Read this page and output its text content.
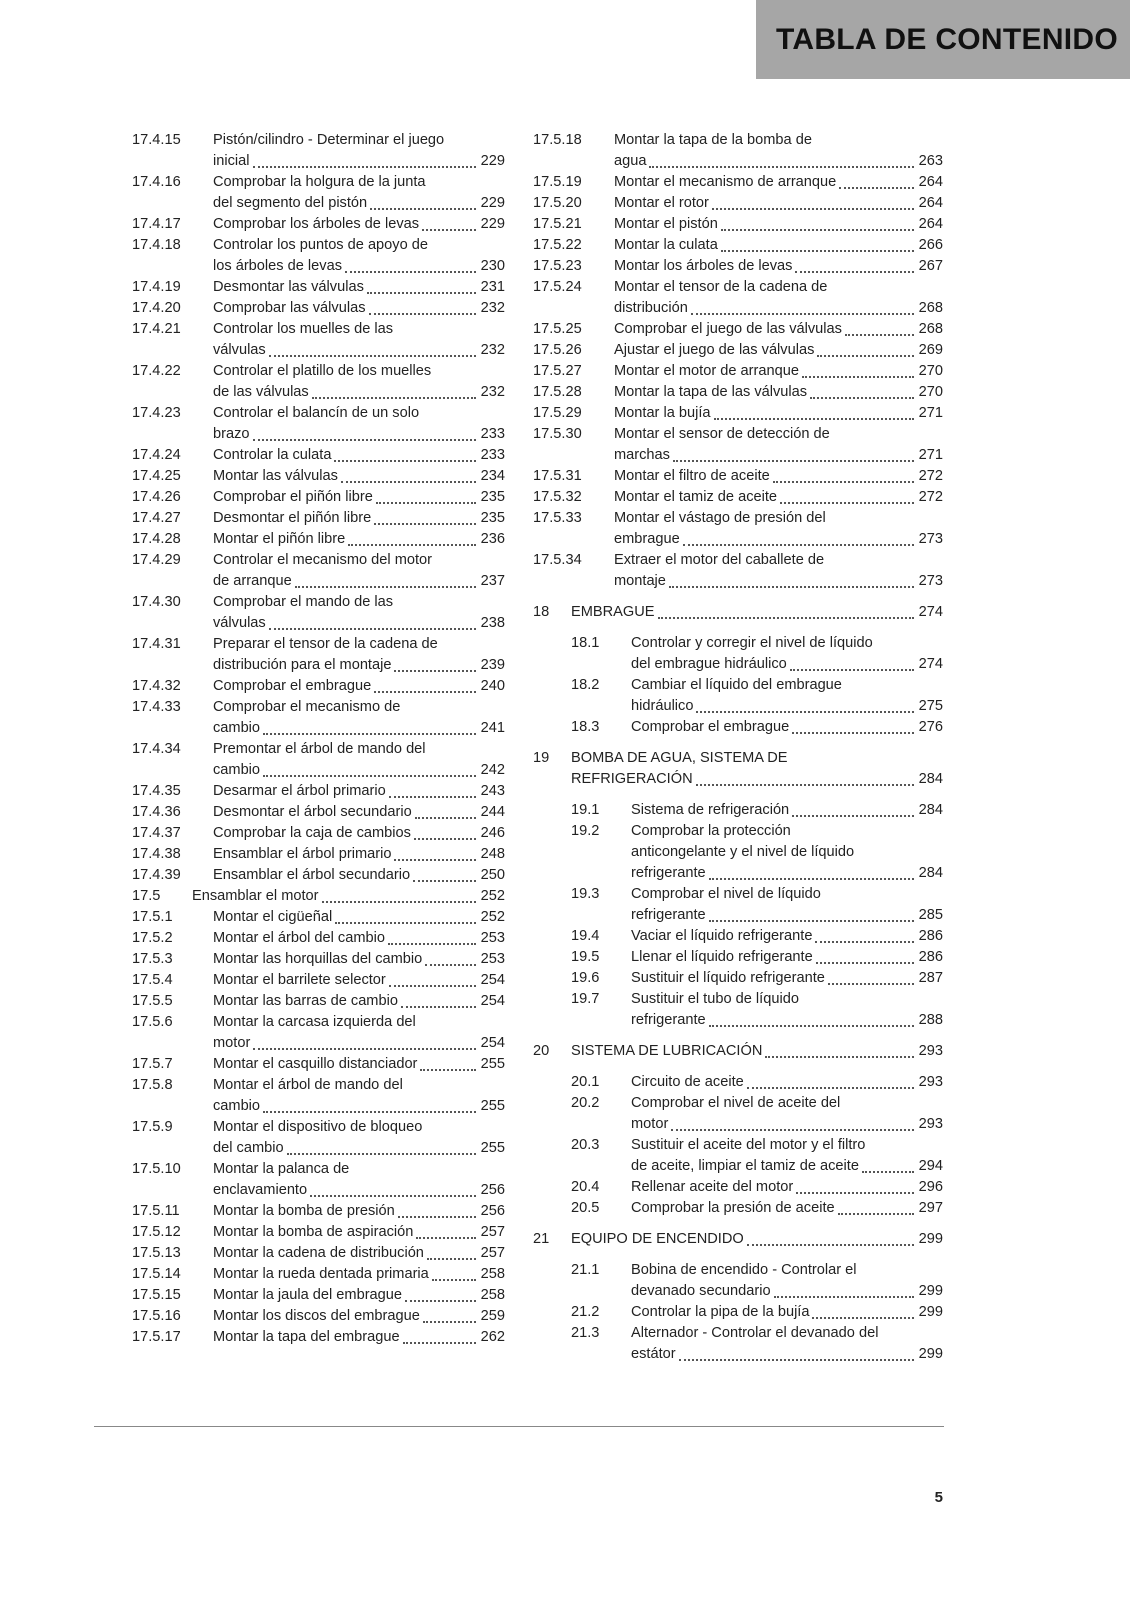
TABLA DE CONTENIDO
17.4.15	Pistón/cilindro - Determinar el juego
inicial	229
17.4.16	Comprobar la holgura de la junta
del segmento del pistón	229
17.4.17	Comprobar los árboles de levas	229
17.4.18	Controlar los puntos de apoyo de
los árboles de levas	230
17.4.19	Desmontar las válvulas	231
17.4.20	Comprobar las válvulas	232
17.4.21	Controlar los muelles de las
válvulas	232
17.4.22	Controlar el platillo de los muelles
de las válvulas	232
17.4.23	Controlar el balancín de un solo
brazo	233
17.4.24	Controlar la culata	233
17.4.25	Montar las válvulas	234
17.4.26	Comprobar el piñón libre	235
17.4.27	Desmontar el piñón libre	235
17.4.28	Montar el piñón libre	236
17.4.29	Controlar el mecanismo del motor
de arranque	237
17.4.30	Comprobar el mando de las
válvulas	238
17.4.31	Preparar el tensor de la cadena de
distribución para el montaje	239
17.4.32	Comprobar el embrague	240
17.4.33	Comprobar el mecanismo de
cambio	241
17.4.34	Premontar el árbol de mando del
cambio	242
17.4.35	Desarmar el árbol primario	243
17.4.36	Desmontar el árbol secundario	244
17.4.37	Comprobar la caja de cambios	246
17.4.38	Ensamblar el árbol primario	248
17.4.39	Ensamblar el árbol secundario	250
17.5	Ensamblar el motor	252
17.5.1	Montar el cigüeñal	252
17.5.2	Montar el árbol del cambio	253
17.5.3	Montar las horquillas del cambio	253
17.5.4	Montar el barrilete selector	254
17.5.5	Montar las barras de cambio	254
17.5.6	Montar la carcasa izquierda del
motor	254
17.5.7	Montar el casquillo distanciador	255
17.5.8	Montar el árbol de mando del
cambio	255
17.5.9	Montar el dispositivo de bloqueo
del cambio	255
17.5.10	Montar la palanca de
enclavamiento	256
17.5.11	Montar la bomba de presión	256
17.5.12	Montar la bomba de aspiración	257
17.5.13	Montar la cadena de distribución	257
17.5.14	Montar la rueda dentada primaria	258
17.5.15	Montar la jaula del embrague	258
17.5.16	Montar los discos del embrague	259
17.5.17	Montar la tapa del embrague	262
17.5.18	Montar la tapa de la bomba de
agua	263
17.5.19	Montar el mecanismo de arranque	264
17.5.20	Montar el rotor	264
17.5.21	Montar el pistón	264
17.5.22	Montar la culata	266
17.5.23	Montar los árboles de levas	267
17.5.24	Montar el tensor de la cadena de
distribución	268
17.5.25	Comprobar el juego de las válvulas	268
17.5.26	Ajustar el juego de las válvulas	269
17.5.27	Montar el motor de arranque	270
17.5.28	Montar la tapa de las válvulas	270
17.5.29	Montar la bujía	271
17.5.30	Montar el sensor de detección de
marchas	271
17.5.31	Montar el filtro de aceite	272
17.5.32	Montar el tamiz de aceite	272
17.5.33	Montar el vástago de presión del
embrague	273
17.5.34	Extraer el motor del caballete de
montaje	273
18	EMBRAGUE	274
18.1	Controlar y corregir el nivel de líquido
del embrague hidráulico	274
18.2	Cambiar el líquido del embrague
hidráulico	275
18.3	Comprobar el embrague	276
19	BOMBA DE AGUA, SISTEMA DE
REFRIGERACIÓN	284
19.1	Sistema de refrigeración	284
19.2	Comprobar la protección
anticongelante y el nivel de líquido
refrigerante	284
19.3	Comprobar el nivel de líquido
refrigerante	285
19.4	Vaciar el líquido refrigerante	286
19.5	Llenar el líquido refrigerante	286
19.6	Sustituir el líquido refrigerante	287
19.7	Sustituir el tubo de líquido
refrigerante	288
20	SISTEMA DE LUBRICACIÓN	293
20.1	Circuito de aceite	293
20.2	Comprobar el nivel de aceite del
motor	293
20.3	Sustituir el aceite del motor y el filtro
de aceite, limpiar el tamiz de aceite	294
20.4	Rellenar aceite del motor	296
20.5	Comprobar la presión de aceite	297
21	EQUIPO DE ENCENDIDO	299
21.1	Bobina de encendido - Controlar el
devanado secundario	299
21.2	Controlar la pipa de la bujía	299
21.3	Alternador - Controlar el devanado del
estátor	299
5
